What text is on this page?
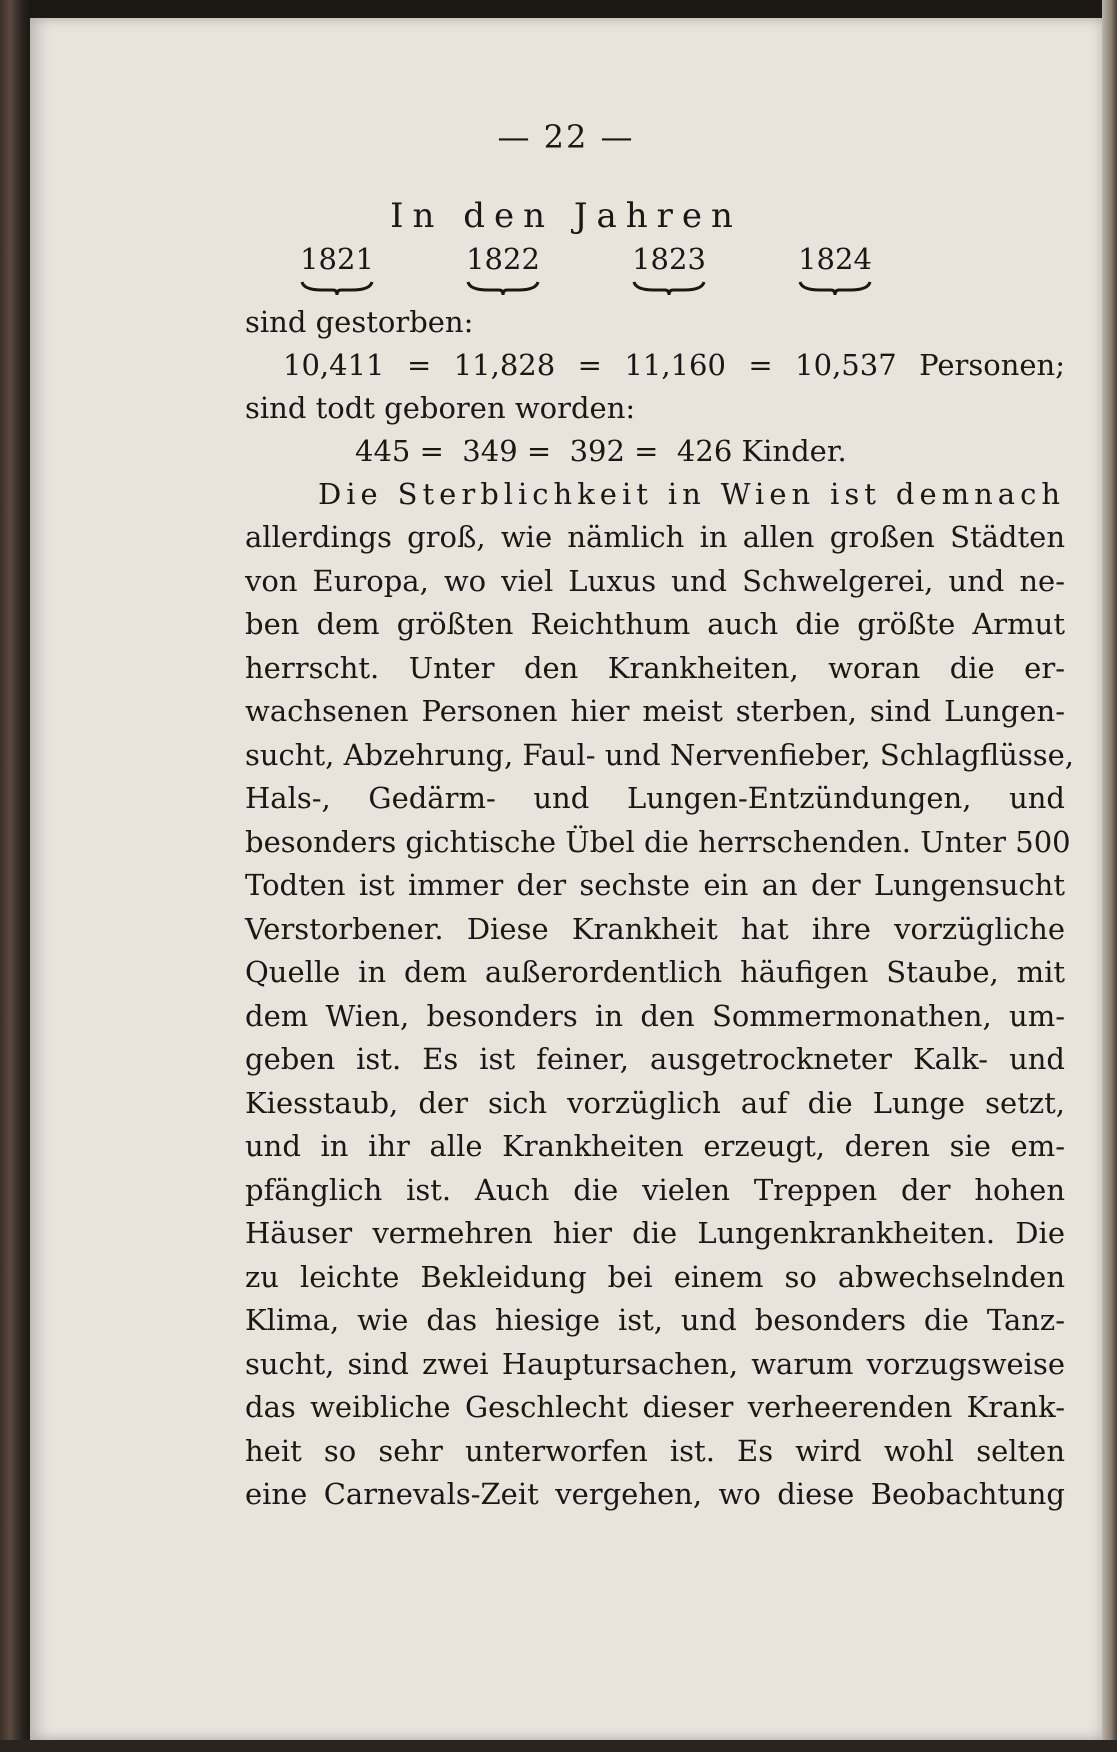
— 22 —
In den Jahren
1821	1822	1823	1824
sind gestorben:
10,411 = 11,828 = 11,160 = 10,537 Personen;
sind todt geboren worden:
445 =  349 =  392 =  426 Kinder.
Die Sterblichkeit in Wien ist demnach
allerdings groß, wie nämlich in allen großen Städten
von Europa, wo viel Luxus und Schwelgerei, und ne-
ben dem größten Reichthum auch die größte Armut
herrscht. Unter den Krankheiten, woran die er-
wachsenen Personen hier meist sterben, sind Lungen-
sucht, Abzehrung, Faul- und Nervenfieber, Schlagflüsse,
Hals-, Gedärm- und Lungen-Entzündungen, und
besonders gichtische Übel die herrschenden. Unter 500
Todten ist immer der sechste ein an der Lungensucht
Verstorbener. Diese Krankheit hat ihre vorzügliche
Quelle in dem außerordentlich häufigen Staube, mit
dem Wien, besonders in den Sommermonathen, um-
geben ist. Es ist feiner, ausgetrockneter Kalk- und
Kiesstaub, der sich vorzüglich auf die Lunge setzt,
und in ihr alle Krankheiten erzeugt, deren sie em-
pfänglich ist. Auch die vielen Treppen der hohen
Häuser vermehren hier die Lungenkrankheiten. Die
zu leichte Bekleidung bei einem so abwechselnden
Klima, wie das hiesige ist, und besonders die Tanz-
sucht, sind zwei Hauptursachen, warum vorzugsweise
das weibliche Geschlecht dieser verheerenden Krank-
heit so sehr unterworfen ist. Es wird wohl selten
eine Carnevals-Zeit vergehen, wo diese Beobachtung
